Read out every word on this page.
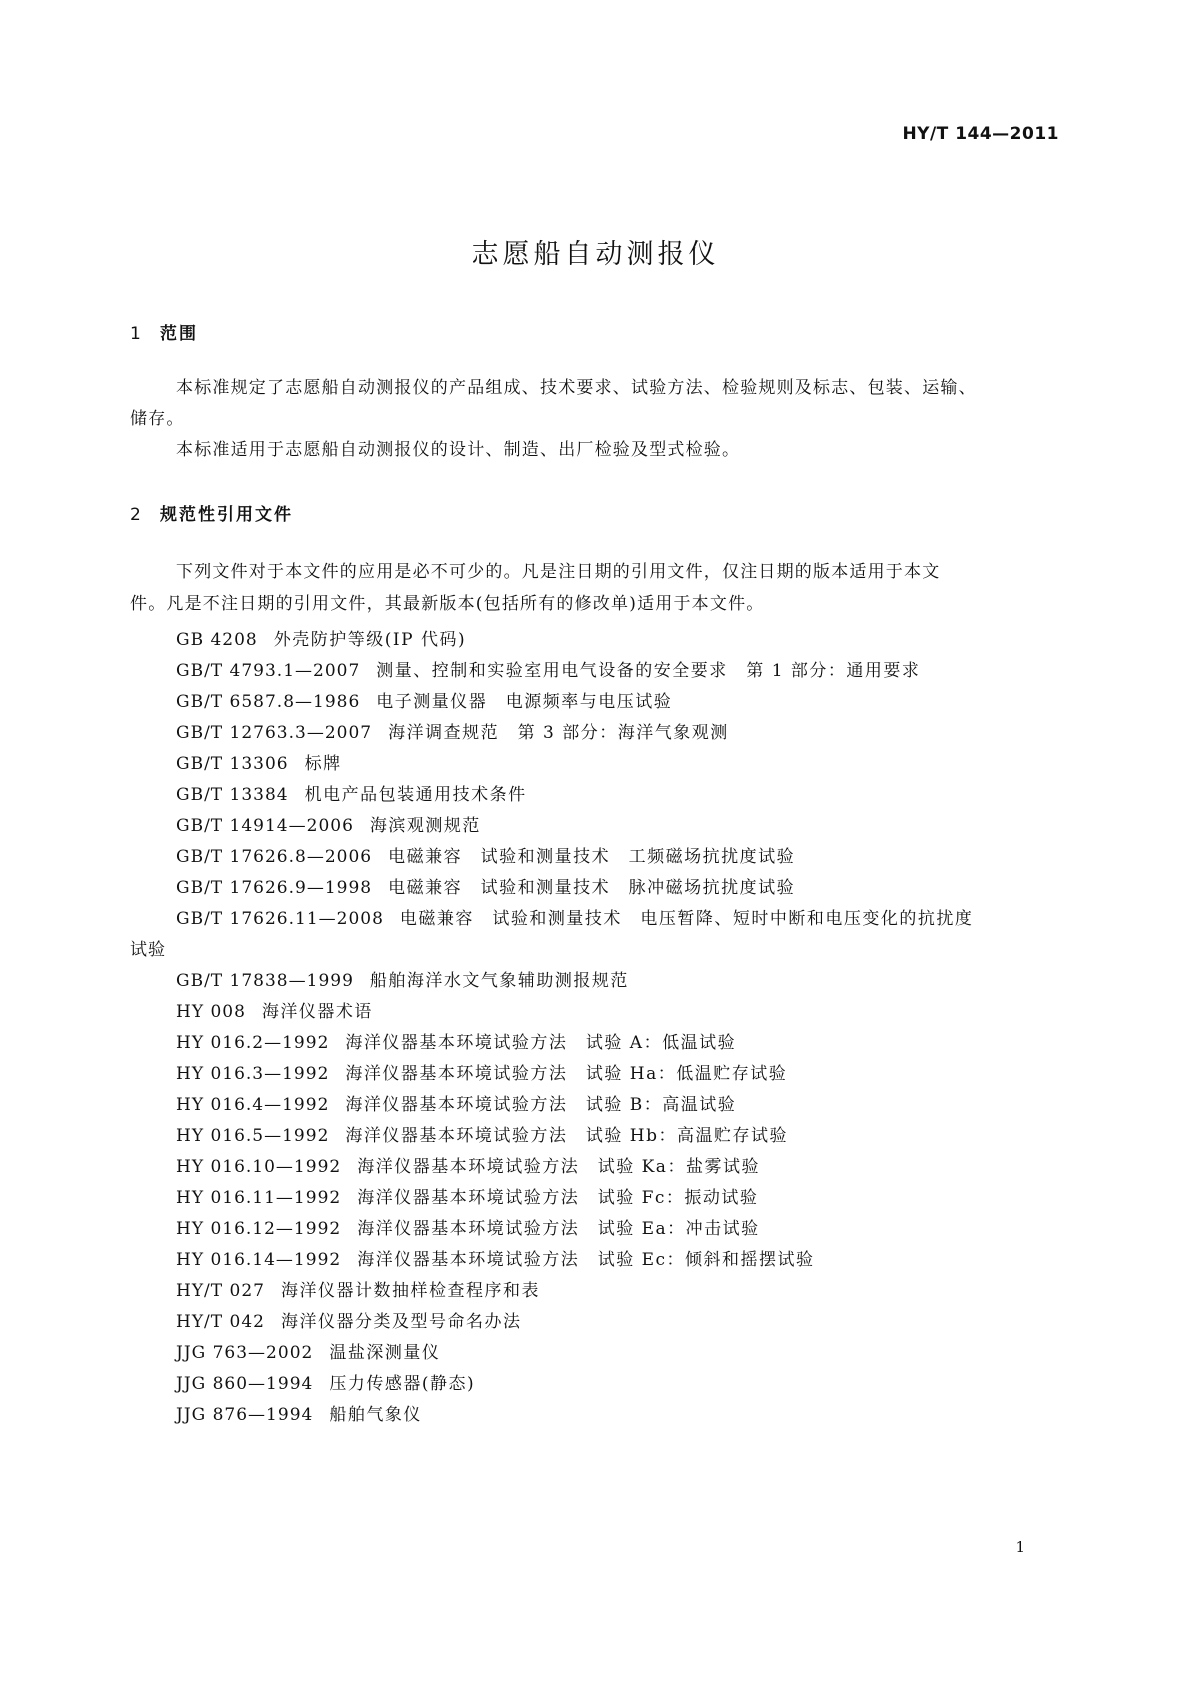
HY/T 144—2011
志愿船自动测报仪
1 范围
本标准规定了志愿船自动测报仪的产品组成、技术要求、试验方法、检验规则及标志、包装、运输、
储存。
本标准适用于志愿船自动测报仪的设计、制造、出厂检验及型式检验。
2 规范性引用文件
下列文件对于本文件的应用是必不可少的。凡是注日期的引用文件，仅注日期的版本适用于本文
件。凡是不注日期的引用文件，其最新版本(包括所有的修改单)适用于本文件。
GB 4208 外壳防护等级(IP 代码)
GB/T 4793.1—2007 测量、控制和实验室用电气设备的安全要求　第 1 部分：通用要求
GB/T 6587.8—1986 电子测量仪器　电源频率与电压试验
GB/T 12763.3—2007 海洋调查规范　第 3 部分：海洋气象观测
GB/T 13306 标牌
GB/T 13384 机电产品包装通用技术条件
GB/T 14914—2006 海滨观测规范
GB/T 17626.8—2006 电磁兼容　试验和测量技术　工频磁场抗扰度试验
GB/T 17626.9—1998 电磁兼容　试验和测量技术　脉冲磁场抗扰度试验
GB/T 17626.11—2008 电磁兼容　试验和测量技术　电压暂降、短时中断和电压变化的抗扰度
试验
GB/T 17838—1999 船舶海洋水文气象辅助测报规范
HY 008 海洋仪器术语
HY 016.2—1992 海洋仪器基本环境试验方法　试验 A：低温试验
HY 016.3—1992 海洋仪器基本环境试验方法　试验 Ha：低温贮存试验
HY 016.4—1992 海洋仪器基本环境试验方法　试验 B：高温试验
HY 016.5—1992 海洋仪器基本环境试验方法　试验 Hb：高温贮存试验
HY 016.10—1992 海洋仪器基本环境试验方法　试验 Ka：盐雾试验
HY 016.11—1992 海洋仪器基本环境试验方法　试验 Fc：振动试验
HY 016.12—1992 海洋仪器基本环境试验方法　试验 Ea：冲击试验
HY 016.14—1992 海洋仪器基本环境试验方法　试验 Ec：倾斜和摇摆试验
HY/T 027 海洋仪器计数抽样检查程序和表
HY/T 042 海洋仪器分类及型号命名办法
JJG 763—2002 温盐深测量仪
JJG 860—1994 压力传感器(静态)
JJG 876—1994 船舶气象仪
1
